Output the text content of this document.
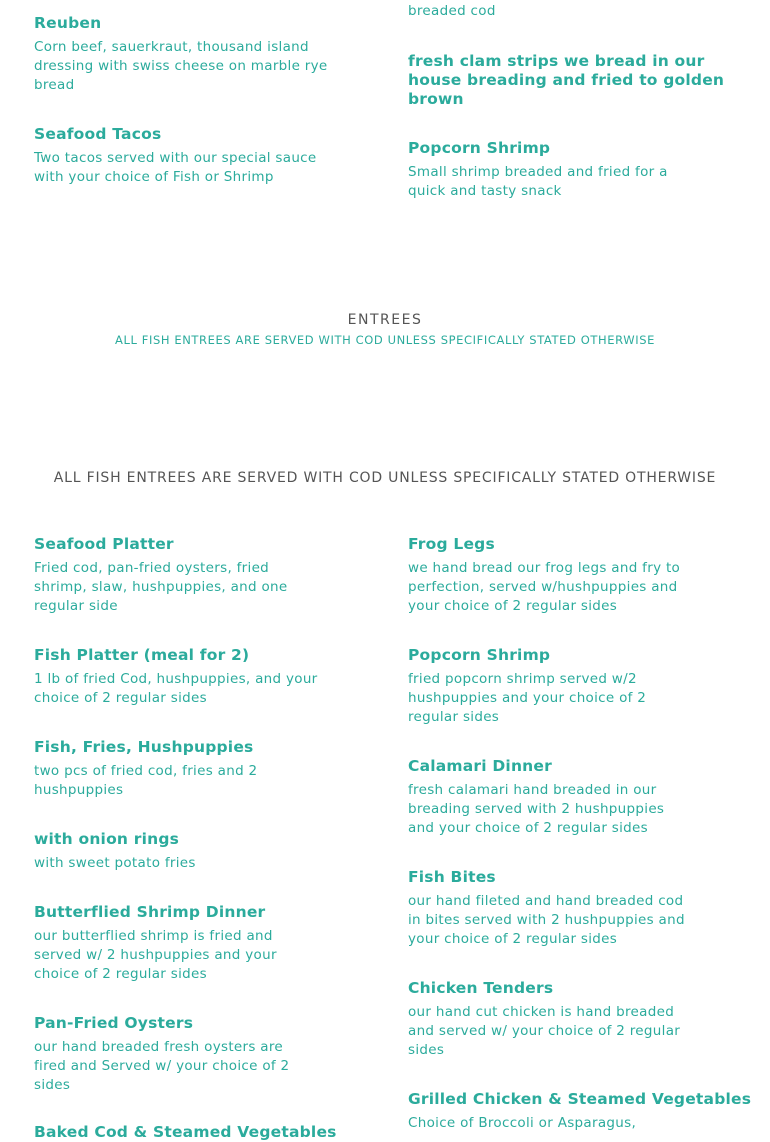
breaded cod

Reuben

Corn beef, sauerkraut, thousand island dressing with swiss cheese on marble rye bread

Seafood Tacos

Two tacos served with our special sauce with your choice of Fish or Shrimp

fresh clam strips we bread in our house breading and fried to golden brown

Popcorn Shrimp

Small shrimp breaded and fried for a quick and tasty snack

ENTREES
ALL FISH ENTREES ARE SERVED WITH COD UNLESS SPECIFICALLY STATED OTHERWISE
ALL FISH ENTREES ARE SERVED WITH COD UNLESS SPECIFICALLY STATED OTHERWISE

Seafood Platter

Fried cod, pan-fried oysters, fried shrimp, slaw, hushpuppies, and one regular side

Fish Platter (meal for 2)

1 lb of fried Cod, hushpuppies, and your choice of 2 regular sides

Fish, Fries, Hushpuppies

two pcs of fried cod, fries and 2 hushpuppies

with onion rings

with sweet potato fries

Butterflied Shrimp Dinner

our butterflied shrimp is fried and served w/ 2 hushpuppies and your choice of 2 regular sides

Pan-Fried Oysters

our hand breaded fresh oysters are fired and Served w/ your choice of 2 sides

Baked Cod & Steamed Vegetables

Frog Legs

we hand bread our frog legs and fry to perfection, served w/hushpuppies and your choice of 2 regular sides

Popcorn Shrimp

fried popcorn shrimp served w/2 hushpuppies and your choice of 2 regular sides

Calamari Dinner

fresh calamari hand breaded in our breading served with 2 hushpuppies and your choice of 2 regular sides

Fish Bites

our hand fileted and hand breaded cod in bites served with 2 hushpuppies and your choice of 2 regular sides

Chicken Tenders

our hand cut chicken is hand breaded and served w/ your choice of 2 regular sides

Grilled Chicken & Steamed Vegetables

Choice of Broccoli or Asparagus,
